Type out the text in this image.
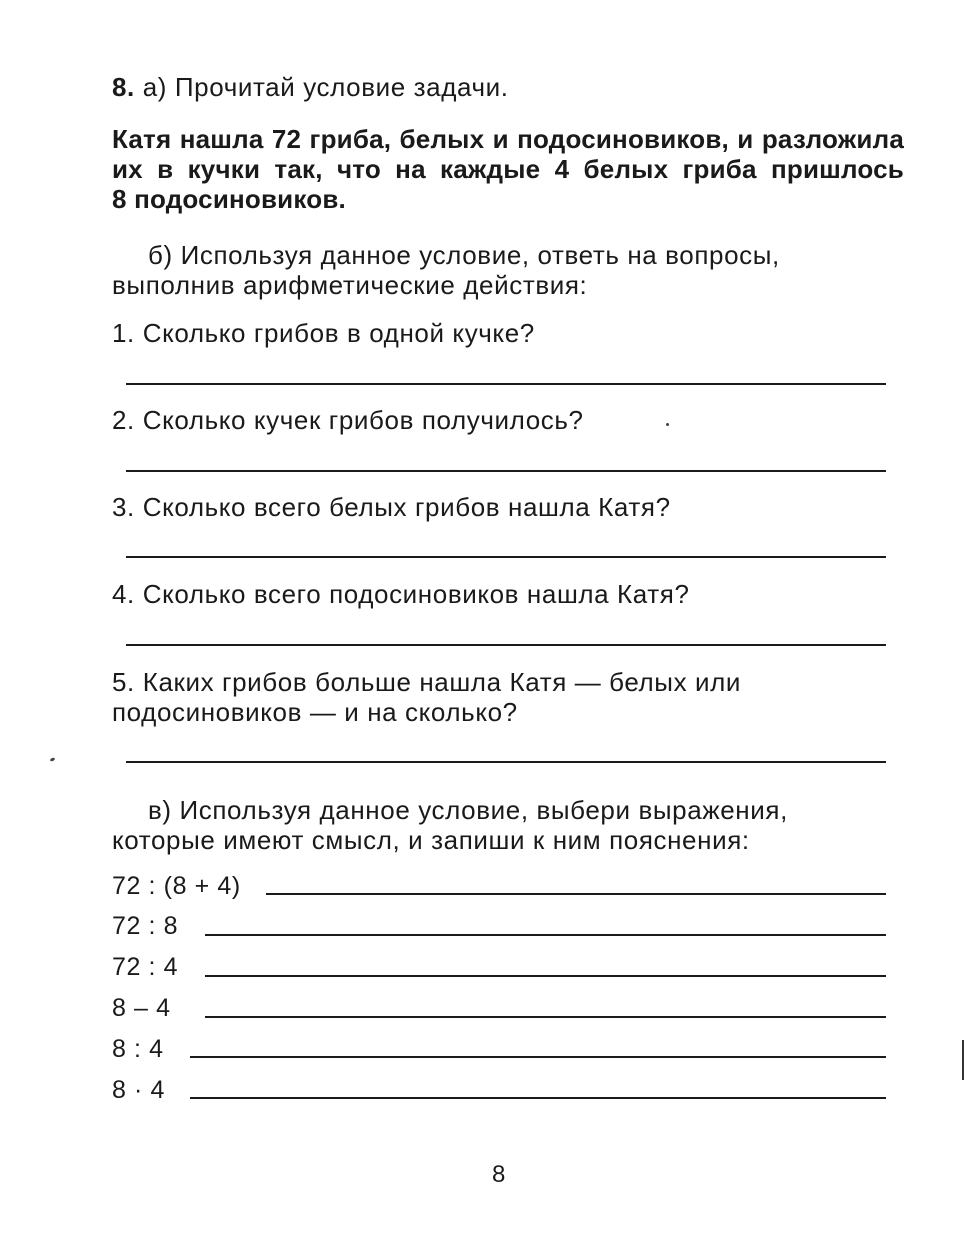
8. а) Прочитай условие задачи.
Катя нашла 72 гриба, белых и подосиновиков, и разложила
их в кучки так, что на каждые 4 белых гриба пришлось
8 подосиновиков.
б) Используя данное условие, ответь на вопросы,
выполнив арифметические действия:
1. Сколько грибов в одной кучке?
2. Сколько кучек грибов получилось?
3. Сколько всего белых грибов нашла Катя?
4. Сколько всего подосиновиков нашла Катя?
5. Каких грибов больше нашла Катя — белых или
подосиновиков — и на сколько?
в) Используя данное условие, выбери выражения,
которые имеют смысл, и запиши к ним пояснения:
72 : (8 + 4)
72 : 8
72 : 4
8 – 4
8 : 4
8 · 4
8
